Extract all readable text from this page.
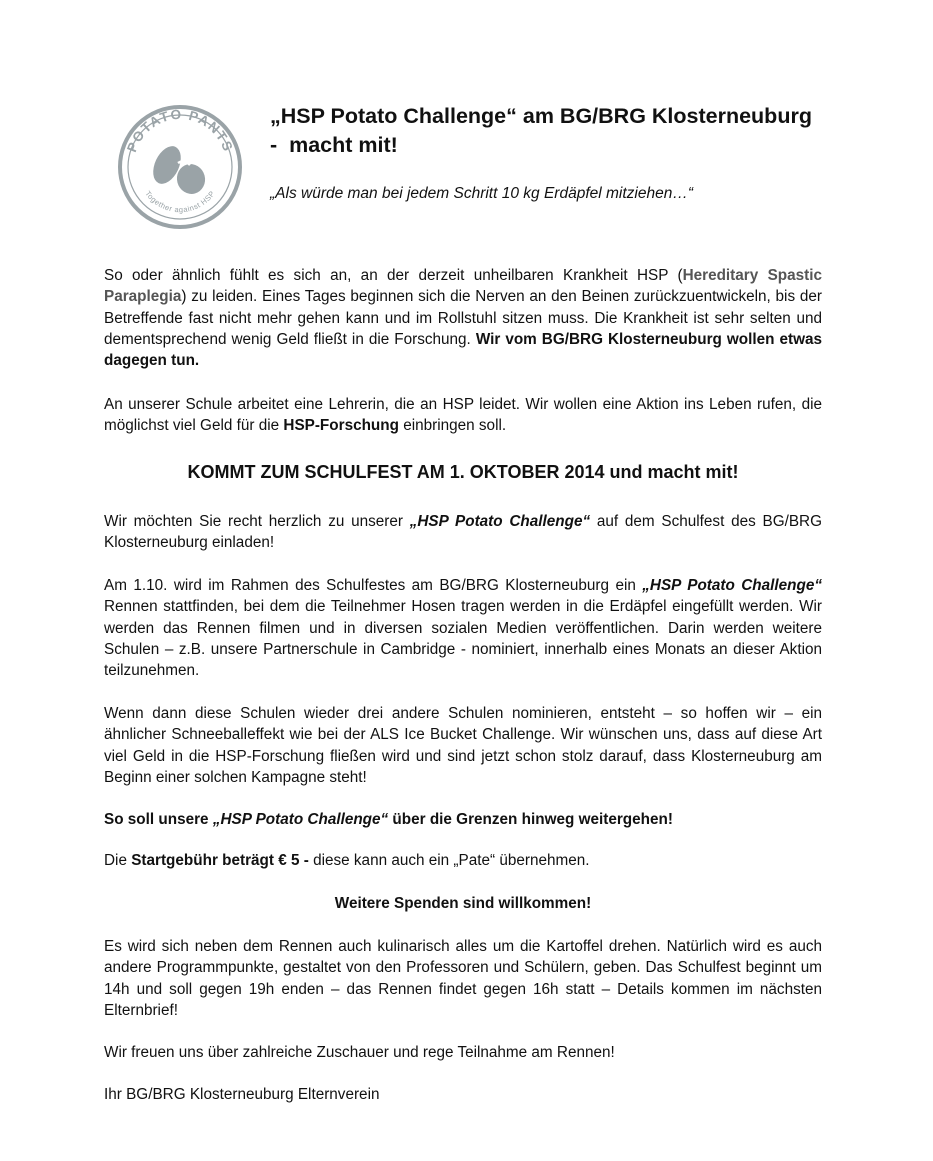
POTATO PANTS
Together against HSP
„HSP Potato Challenge“ am BG/BRG Klosterneuburg
-  macht mit!
„Als würde man bei jedem Schritt 10 kg Erdäpfel mitziehen…“
So oder ähnlich fühlt es sich an, an der derzeit unheilbaren Krankheit HSP (Hereditary Spastic Paraplegia) zu leiden. Eines Tages beginnen sich die Nerven an den Beinen zurückzuentwickeln, bis der Betreffende fast nicht mehr gehen kann und im Rollstuhl sitzen muss. Die Krankheit ist sehr selten und dementsprechend wenig Geld fließt in die Forschung. Wir vom BG/BRG Klosterneuburg wollen etwas dagegen tun.
An unserer Schule arbeitet eine Lehrerin, die an HSP leidet. Wir wollen eine Aktion ins Leben rufen, die möglichst viel Geld für die HSP-Forschung einbringen soll.
KOMMT ZUM SCHULFEST AM 1. OKTOBER 2014 und macht mit!
Wir möchten Sie recht herzlich zu unserer „HSP Potato Challenge“ auf dem Schulfest des BG/BRG Klosterneuburg einladen!
Am 1.10. wird im Rahmen des Schulfestes am BG/BRG Klosterneuburg ein „HSP Potato Challenge“ Rennen stattfinden, bei dem die Teilnehmer Hosen tragen werden in die Erdäpfel eingefüllt werden. Wir werden das Rennen filmen und in diversen sozialen Medien veröffentlichen. Darin werden weitere Schulen – z.B. unsere Partnerschule in Cambridge - nominiert, innerhalb eines Monats an dieser Aktion teilzunehmen.
Wenn dann diese Schulen wieder drei andere Schulen nominieren, entsteht – so hoffen wir – ein ähnlicher Schneeballeffekt wie bei der ALS Ice Bucket Challenge. Wir wünschen uns, dass auf diese Art viel Geld in die HSP-Forschung fließen wird und sind jetzt schon stolz darauf, dass Klosterneuburg am Beginn einer solchen Kampagne steht!
So soll unsere „HSP Potato Challenge“ über die Grenzen hinweg weitergehen!
Die Startgebühr beträgt € 5 - diese kann auch ein „Pate“ übernehmen.
Weitere Spenden sind willkommen!
Es wird sich neben dem Rennen auch kulinarisch alles um die Kartoffel drehen. Natürlich wird es auch andere Programmpunkte, gestaltet von den Professoren und Schülern, geben. Das Schulfest beginnt um 14h und soll gegen 19h enden – das Rennen findet gegen 16h statt – Details kommen im nächsten Elternbrief!
Wir freuen uns über zahlreiche Zuschauer und rege Teilnahme am Rennen!
Ihr BG/BRG Klosterneuburg Elternverein
